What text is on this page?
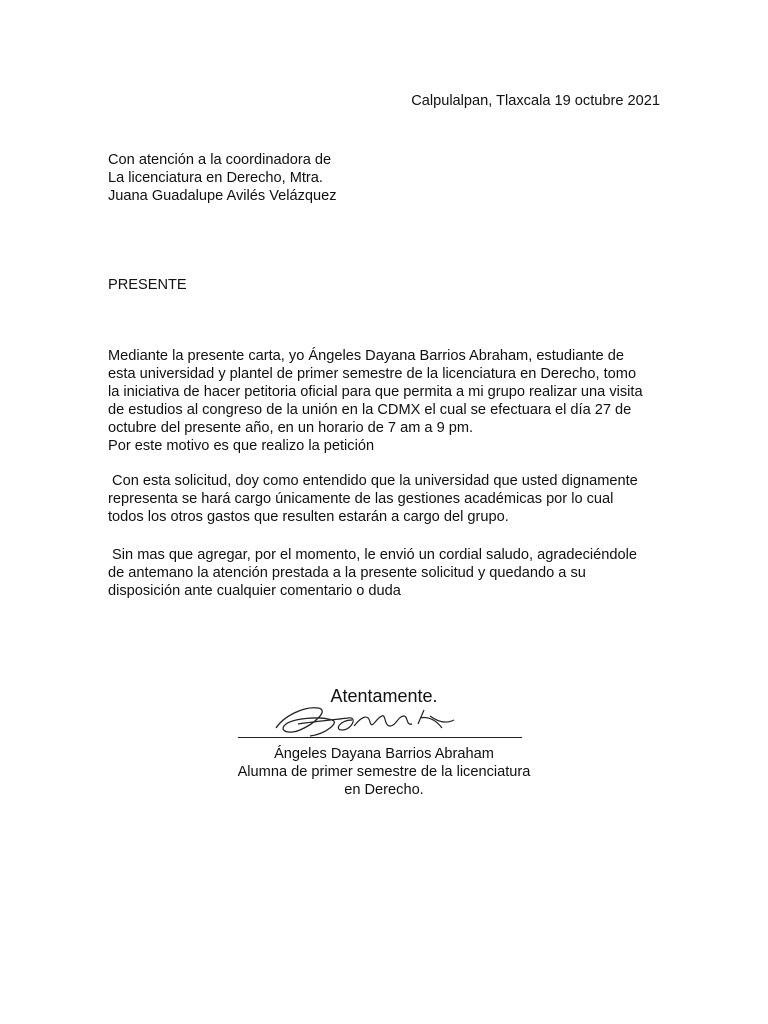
Calpulalpan, Tlaxcala 19 octubre 2021
Con atención a la coordinadora de
La licenciatura en Derecho, Mtra.
Juana Guadalupe Avilés Velázquez
PRESENTE
Mediante la presente carta, yo Ángeles Dayana Barrios Abraham, estudiante de
esta universidad y plantel de primer semestre de la licenciatura en Derecho, tomo
la iniciativa de hacer petitoria oficial para que permita a mi grupo realizar una visita
de estudios al congreso de la unión en la CDMX el cual se efectuara el día 27 de
octubre del presente año, en un horario de 7 am a 9 pm.
Por este motivo es que realizo la petición
Con esta solicitud, doy como entendido que la universidad que usted dignamente
representa se hará cargo únicamente de las gestiones académicas por lo cual
todos los otros gastos que resulten estarán a cargo del grupo.
Sin mas que agregar, por el momento, le envió un cordial saludo, agradeciéndole
de antemano la atención prestada a la presente solicitud y quedando a su
disposición ante cualquier comentario o duda
Atentamente.
Ángeles Dayana Barrios Abraham
Alumna de primer semestre de la licenciatura
en Derecho.
